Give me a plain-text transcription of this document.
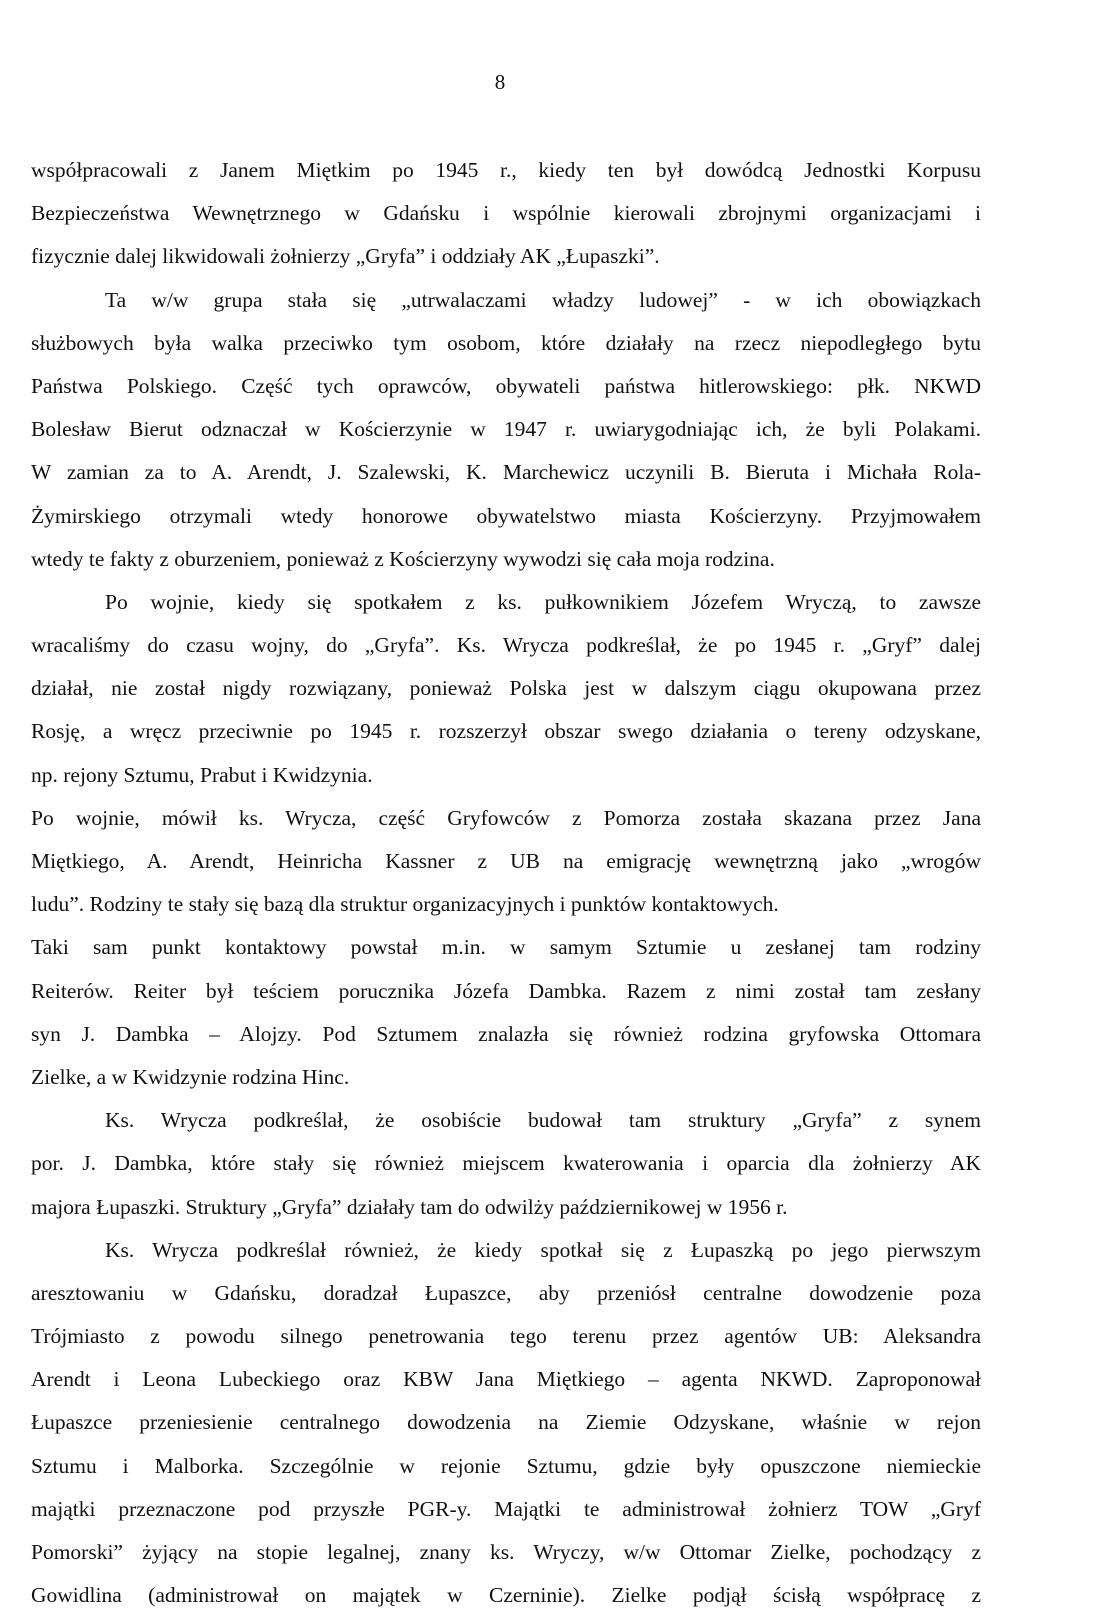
8
współpracowali z Janem Miętkim po 1945 r., kiedy ten był dowódcą Jednostki Korpusu
Bezpieczeństwa Wewnętrznego w Gdańsku i wspólnie kierowali zbrojnymi organizacjami i
fizycznie dalej likwidowali żołnierzy „Gryfa” i oddziały AK „Łupaszki”.
Ta w/w grupa stała się „utrwalaczami władzy ludowej” - w ich obowiązkach
służbowych była walka przeciwko tym osobom, które działały na rzecz niepodległego bytu
Państwa Polskiego. Część tych oprawców, obywateli państwa hitlerowskiego: płk. NKWD
Bolesław Bierut odznaczał w Kościerzynie w 1947 r. uwiarygodniając ich, że byli Polakami.
W zamian za to A. Arendt, J. Szalewski, K. Marchewicz uczynili B. Bieruta i Michała Rola-
Żymirskiego otrzymali wtedy honorowe obywatelstwo miasta Kościerzyny. Przyjmowałem
wtedy te fakty z oburzeniem, ponieważ z Kościerzyny wywodzi się cała moja rodzina.
Po wojnie, kiedy się spotkałem z ks. pułkownikiem Józefem Wryczą, to zawsze
wracaliśmy do czasu wojny, do „Gryfa”. Ks. Wrycza podkreślał, że po 1945 r. „Gryf” dalej
działał, nie został nigdy rozwiązany, ponieważ Polska jest w dalszym ciągu okupowana przez
Rosję, a wręcz przeciwnie po 1945 r. rozszerzył obszar swego działania o tereny odzyskane,
np. rejony Sztumu, Prabut i Kwidzynia.
Po wojnie, mówił ks. Wrycza, część Gryfowców z Pomorza została skazana przez Jana
Miętkiego, A. Arendt, Heinricha Kassner z UB na emigrację wewnętrzną jako „wrogów
ludu”. Rodziny te stały się bazą dla struktur organizacyjnych i punktów kontaktowych.
Taki sam punkt kontaktowy powstał m.in. w samym Sztumie u zesłanej tam rodziny
Reiterów. Reiter był teściem porucznika Józefa Dambka. Razem z nimi został tam zesłany
syn J. Dambka – Alojzy. Pod Sztumem znalazła się również rodzina gryfowska Ottomara
Zielke, a w Kwidzynie rodzina Hinc.
Ks. Wrycza podkreślał, że osobiście budował tam struktury „Gryfa” z synem
por. J. Dambka, które stały się również miejscem kwaterowania i oparcia dla żołnierzy AK
majora Łupaszki. Struktury „Gryfa” działały tam do odwilży październikowej w 1956 r.
Ks. Wrycza podkreślał również, że kiedy spotkał się z Łupaszką po jego pierwszym
aresztowaniu w Gdańsku, doradzał Łupaszce, aby przeniósł centralne dowodzenie poza
Trójmiasto z powodu silnego penetrowania tego terenu przez agentów UB: Aleksandra
Arendt i Leona Lubeckiego oraz KBW Jana Miętkiego – agenta NKWD. Zaproponował
Łupaszce przeniesienie centralnego dowodzenia na Ziemie Odzyskane, właśnie w rejon
Sztumu i Malborka. Szczególnie w rejonie Sztumu, gdzie były opuszczone niemieckie
majątki przeznaczone pod przyszłe PGR-y. Majątki te administrował żołnierz TOW „Gryf
Pomorski” żyjący na stopie legalnej, znany ks. Wryczy, w/w Ottomar Zielke, pochodzący z
Gowidlina (administrował on majątek w Czerninie). Zielke podjął ścisłą współpracę z
